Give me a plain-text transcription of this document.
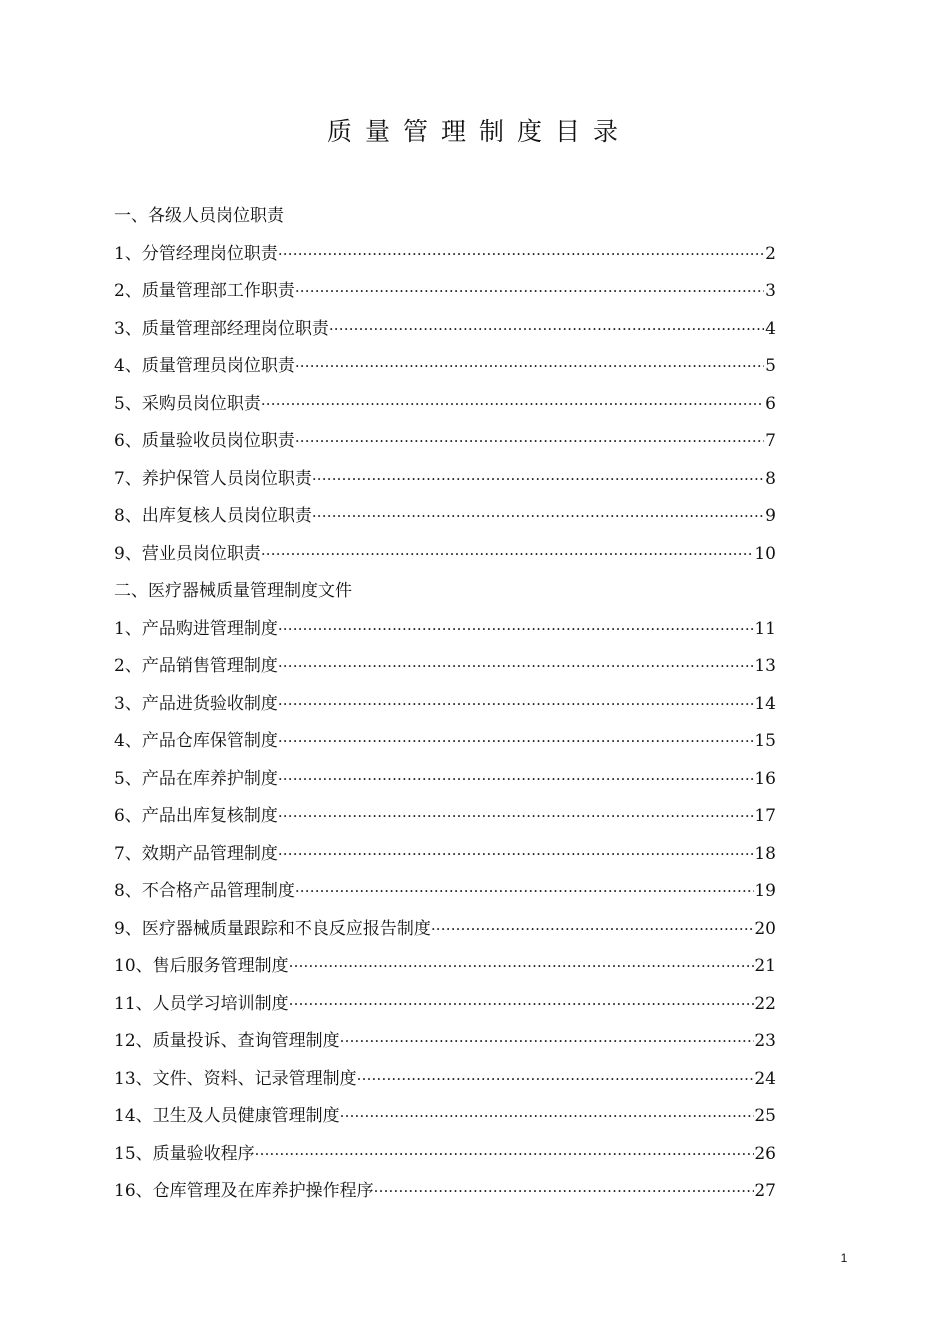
质量管理制度目录
一、各级人员岗位职责
1、分管经理岗位职责 ·····	2
2、质量管理部工作职责 ·····	3
3、质量管理部经理岗位职责 ·····	4
4、质量管理员岗位职责 ·····	5
5、采购员岗位职责 ·····	6
6、质量验收员岗位职责 ·····	7
7、养护保管人员岗位职责 ·····	8
8、出库复核人员岗位职责 ·····	9
9、营业员岗位职责 ·····	10
二、医疗器械质量管理制度文件
1、产品购进管理制度 ·····	11
2、产品销售管理制度 ·····	13
3、产品进货验收制度 ·····	14
4、产品仓库保管制度 ·····	15
5、产品在库养护制度 ·····	16
6、产品出库复核制度 ·····	17
7、效期产品管理制度 ·····	18
8、不合格产品管理制度 ·····	19
9、医疗器械质量跟踪和不良反应报告制度 ·····	20
10、售后服务管理制度 ·····	21
11、人员学习培训制度 ·····	22
12、质量投诉、查询管理制度 ·····	23
13、文件、资料、记录管理制度 ·····	24
14、卫生及人员健康管理制度 ·····	25
15、质量验收程序 ·····	26
16、仓库管理及在库养护操作程序 ·····	27
1
